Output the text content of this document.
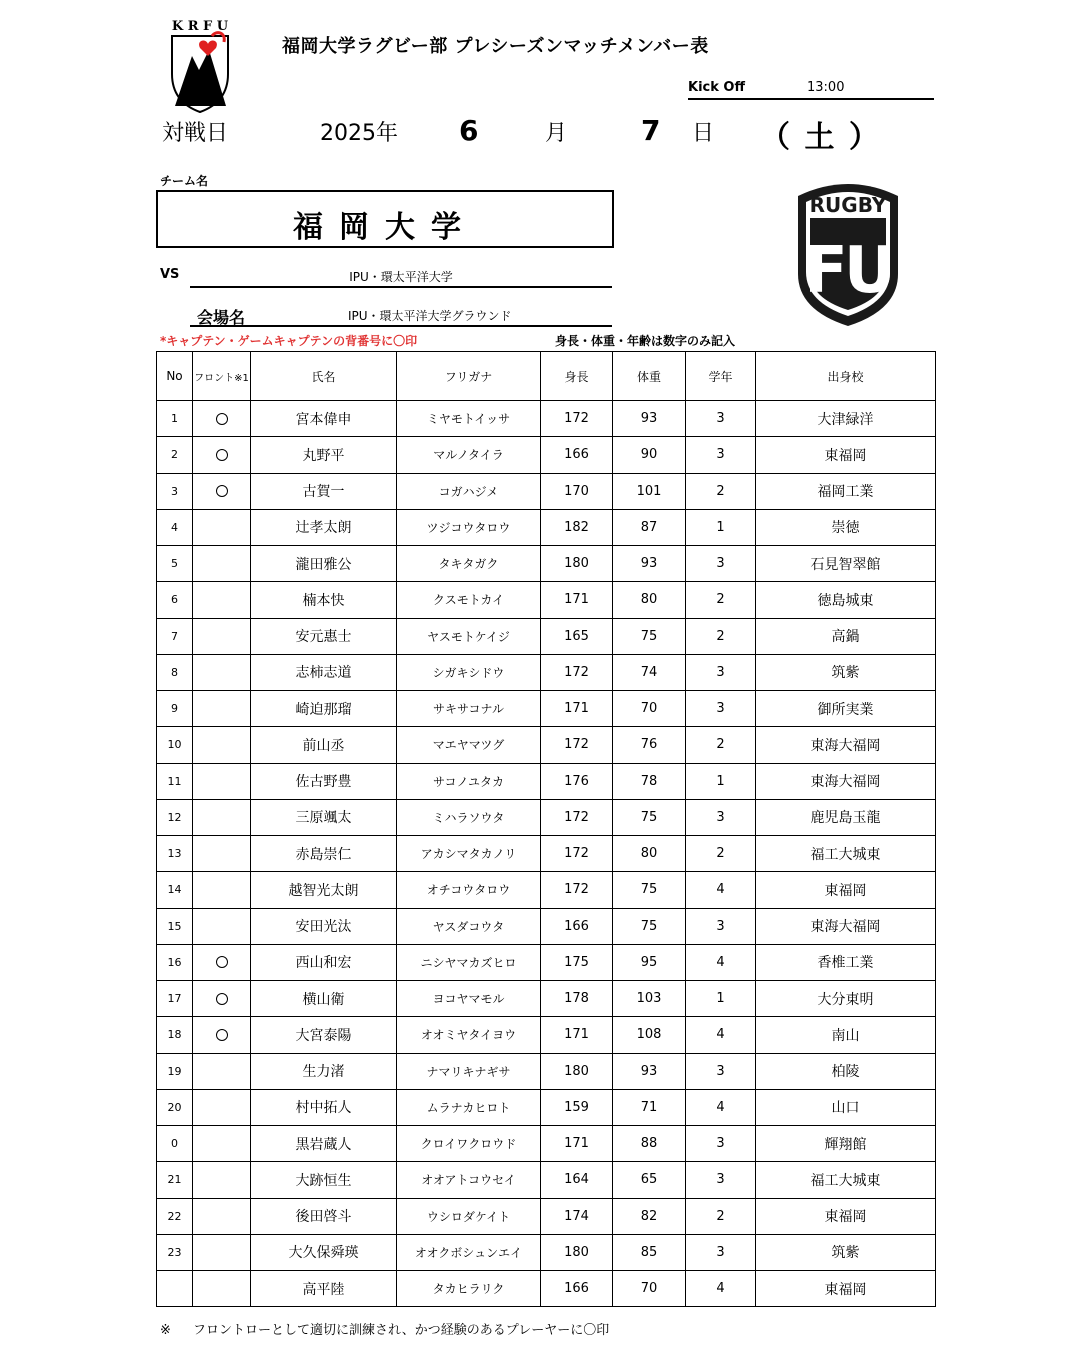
K R F U
福岡大学ラグビー部 プレシーズンマッチメンバー表
Kick Off	13:00
対戦日	2025年 6	月	7 日 （ 土 ）
チーム名
福岡大学
VS	IPU・環太平洋大学
IPU・環太平洋大学グラウンド
会場名
RUGBY
FU
*キャプテン・ゲームキャプテンの背番号に〇印	身長・体重・年齢は数字のみ記入
No	フロント※1	氏名	フリガナ	身長	体重	学年	出身校
1		宮本偉申	ミヤモトイッサ	172	93	3	大津緑洋
2		丸野平	マルノタイラ	166	90	3	東福岡
3		古賀一	コガハジメ	170	101	2	福岡工業
4		辻孝太朗	ツジコウタロウ	182	87	1	崇徳
5		瀧田雅公	タキタガク	180	93	3	石見智翠館
6		楠本快	クスモトカイ	171	80	2	徳島城東
7		安元惠士	ヤスモトケイジ	165	75	2	高鍋
8		志柿志道	シガキシドウ	172	74	3	筑紫
9		崎迫那瑠	サキサコナル	171	70	3	御所実業
10		前山丞	マエヤマツグ	172	76	2	東海大福岡
11		佐古野豊	サコノユタカ	176	78	1	東海大福岡
12		三原颯太	ミハラソウタ	172	75	3	鹿児島玉龍
13		赤島崇仁	アカシマタカノリ	172	80	2	福工大城東
14		越智光太朗	オチコウタロウ	172	75	4	東福岡
15		安田光汰	ヤスダコウタ	166	75	3	東海大福岡
16		西山和宏	ニシヤマカズヒロ	175	95	4	香椎工業
17		横山衛	ヨコヤマモル	178	103	1	大分東明
18		大宮泰陽	オオミヤタイヨウ	171	108	4	南山
19		生力渚	ナマリキナギサ	180	93	3	柏陵
20		村中拓人	ムラナカヒロト	159	71	4	山口
0		黒岩蔵人	クロイワクロウド	171	88	3	輝翔館
21		大跡恒生	オオアトコウセイ	164	65	3	福工大城東
22		後田啓斗	ウシロダケイト	174	82	2	東福岡
23		大久保舜瑛	オオクボシュンエイ	180	85	3	筑紫
		高平陸	タカヒラリク	166	70	4	東福岡
※ フロントローとして適切に訓練され、かつ経験のあるプレーヤーに〇印
